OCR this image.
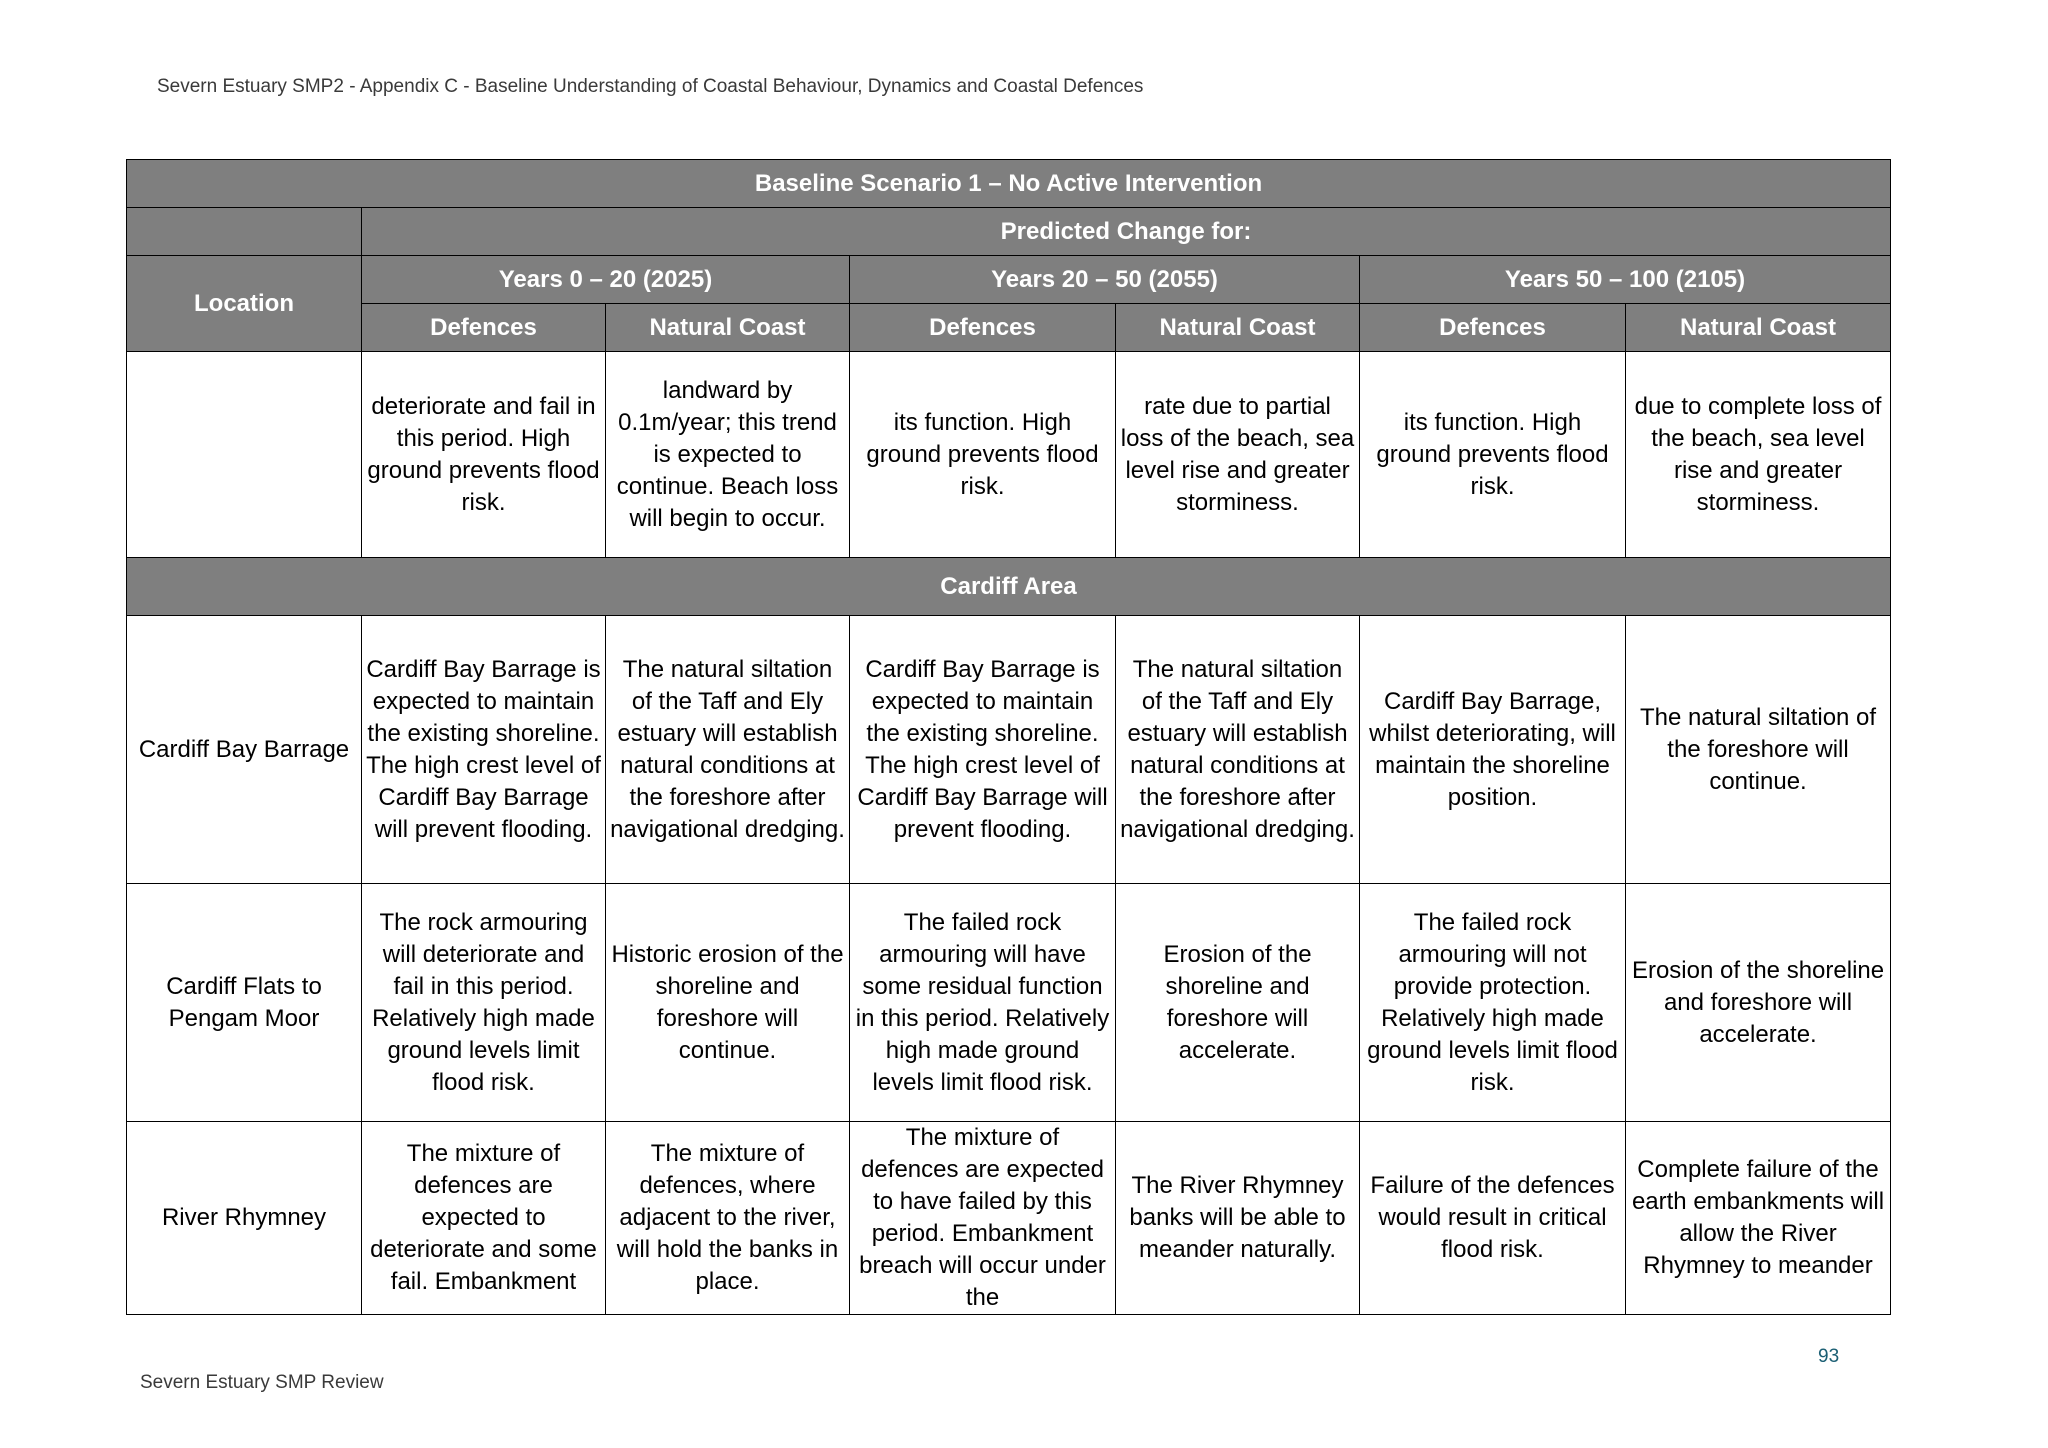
Severn Estuary SMP2 - Appendix C - Baseline Understanding of Coastal Behaviour, Dynamics and Coastal Defences
Baseline Scenario 1 – No Active Intervention						
	Predicted Change for:					
Location	Years 0 – 20 (2025)		Years 20 – 50 (2055)		Years 50 – 100 (2105)	
	Defences	Natural Coast	Defences	Natural Coast	Defences	Natural Coast
	deteriorate and fail in this period. High ground prevents flood risk.	landward by 0.1m/year; this trend is expected to continue. Beach loss will begin to occur.	its function. High ground prevents flood risk.	rate due to partial loss of the beach, sea level rise and greater storminess.	its function. High ground prevents flood risk.	due to complete loss of the beach, sea level rise and greater storminess.
Cardiff Area						
Cardiff Bay Barrage	Cardiff Bay Barrage is expected to maintain the existing shoreline. The high crest level of Cardiff Bay Barrage will prevent flooding.	The natural siltation of the Taff and Ely estuary will establish natural conditions at the foreshore after navigational dredging.	Cardiff Bay Barrage is expected to maintain the existing shoreline. The high crest level of Cardiff Bay Barrage will prevent flooding.	The natural siltation of the Taff and Ely estuary will establish natural conditions at the foreshore after navigational dredging.	Cardiff Bay Barrage, whilst deteriorating, will maintain the shoreline position.	The natural siltation of the foreshore will continue.
Cardiff Flats to Pengam Moor	The rock armouring will deteriorate and fail in this period. Relatively high made ground levels limit flood risk.	Historic erosion of the shoreline and foreshore will continue.	The failed rock armouring will have some residual function in this period. Relatively high made ground levels limit flood risk.	Erosion of the shoreline and foreshore will accelerate.	The failed rock armouring will not provide protection. Relatively high made ground levels limit flood risk.	Erosion of the shoreline and foreshore will accelerate.
River Rhymney	The mixture of defences are expected to deteriorate and some fail. Embankment	The mixture of defences, where adjacent to the river, will hold the banks in place.	The mixture of defences are expected to have failed by this period. Embankment breach will occur under the	The River Rhymney banks will be able to meander naturally.	Failure of the defences would result in critical flood risk.	Complete failure of the earth embankments will allow the River Rhymney to meander
93
Severn Estuary SMP Review
